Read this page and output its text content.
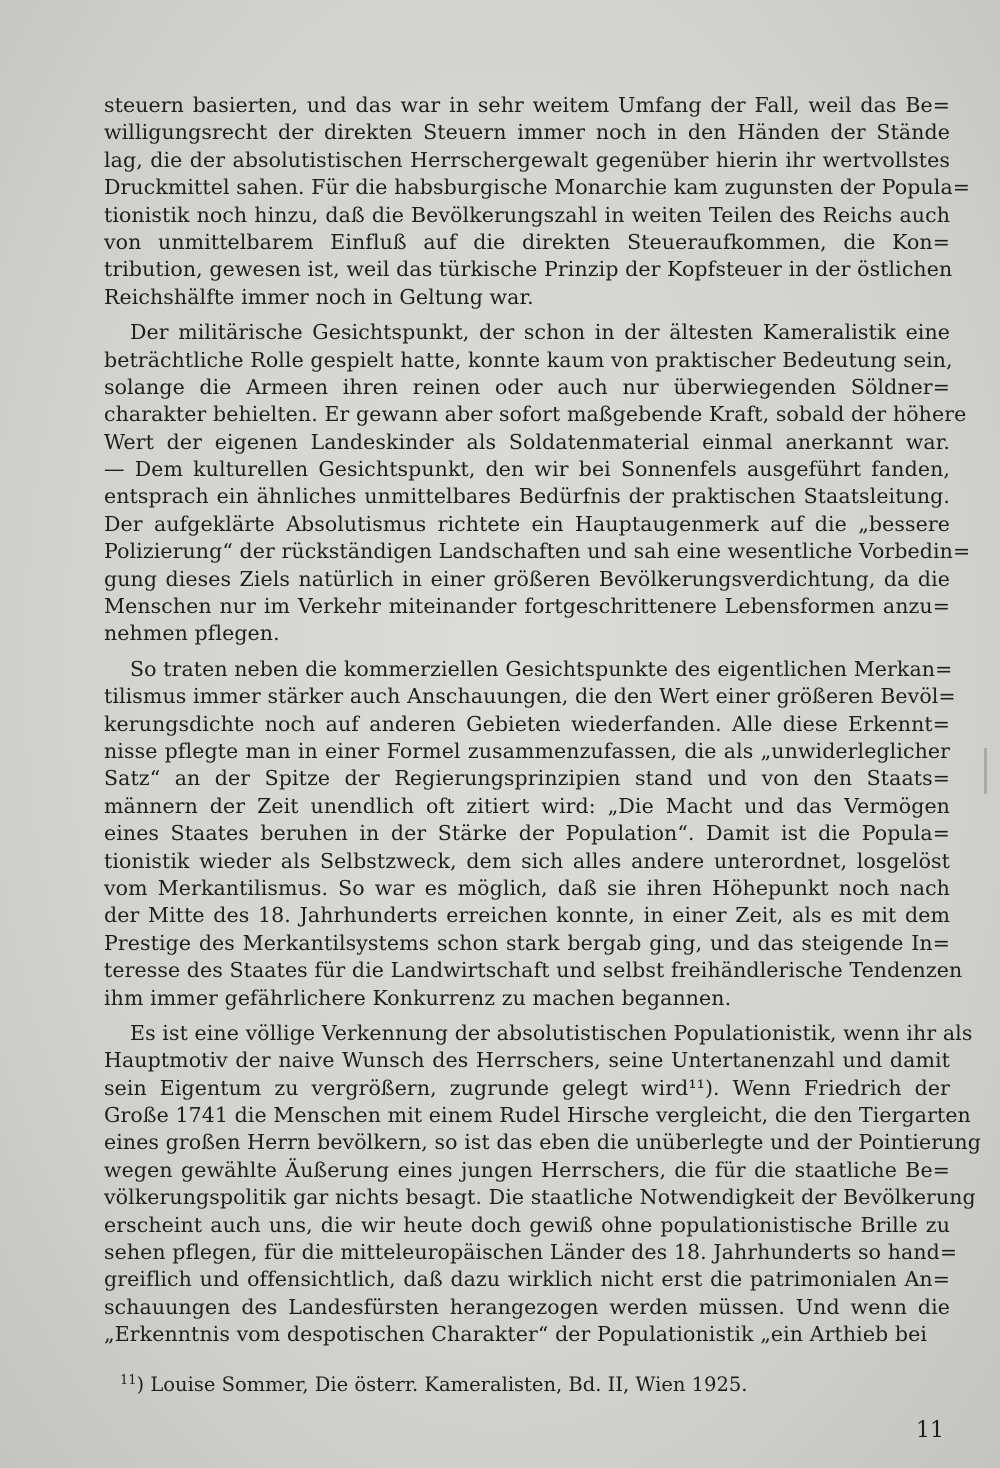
steuern basierten, und das war in sehr weitem Umfang der Fall, weil das Be=
willigungsrecht der direkten Steuern immer noch in den Händen der Stände
lag, die der absolutistischen Herrschergewalt gegenüber hierin ihr wertvollstes
Druckmittel sahen. Für die habsburgische Monarchie kam zugunsten der Popula=
tionistik noch hinzu, daß die Bevölkerungszahl in weiten Teilen des Reichs auch
von unmittelbarem Einfluß auf die direkten Steueraufkommen, die Kon=
tribution, gewesen ist, weil das türkische Prinzip der Kopfsteuer in der östlichen
Reichshälfte immer noch in Geltung war.
Der militärische Gesichtspunkt, der schon in der ältesten Kameralistik eine
beträchtliche Rolle gespielt hatte, konnte kaum von praktischer Bedeutung sein,
solange die Armeen ihren reinen oder auch nur überwiegenden Söldner=
charakter behielten. Er gewann aber sofort maßgebende Kraft, sobald der höhere
Wert der eigenen Landeskinder als Soldatenmaterial einmal anerkannt war.
— Dem kulturellen Gesichtspunkt, den wir bei Sonnenfels ausgeführt fanden,
entsprach ein ähnliches unmittelbares Bedürfnis der praktischen Staatsleitung.
Der aufgeklärte Absolutismus richtete ein Hauptaugenmerk auf die „bessere
Polizierung“ der rückständigen Landschaften und sah eine wesentliche Vorbedin=
gung dieses Ziels natürlich in einer größeren Bevölkerungsverdichtung, da die
Menschen nur im Verkehr miteinander fortgeschrittenere Lebensformen anzu=
nehmen pflegen.
So traten neben die kommerziellen Gesichtspunkte des eigentlichen Merkan=
tilismus immer stärker auch Anschauungen, die den Wert einer größeren Bevöl=
kerungsdichte noch auf anderen Gebieten wiederfanden. Alle diese Erkennt=
nisse pflegte man in einer Formel zusammenzufassen, die als „unwiderleglicher
Satz“ an der Spitze der Regierungsprinzipien stand und von den Staats=
männern der Zeit unendlich oft zitiert wird: „Die Macht und das Vermögen
eines Staates beruhen in der Stärke der Population“. Damit ist die Popula=
tionistik wieder als Selbstzweck, dem sich alles andere unterordnet, losgelöst
vom Merkantilismus. So war es möglich, daß sie ihren Höhepunkt noch nach
der Mitte des 18. Jahrhunderts erreichen konnte, in einer Zeit, als es mit dem
Prestige des Merkantilsystems schon stark bergab ging, und das steigende In=
teresse des Staates für die Landwirtschaft und selbst freihändlerische Tendenzen
ihm immer gefährlichere Konkurrenz zu machen begannen.
Es ist eine völlige Verkennung der absolutistischen Populationistik, wenn ihr als
Hauptmotiv der naive Wunsch des Herrschers, seine Untertanenzahl und damit
sein Eigentum zu vergrößern, zugrunde gelegt wird¹¹). Wenn Friedrich der
Große 1741 die Menschen mit einem Rudel Hirsche vergleicht, die den Tiergarten
eines großen Herrn bevölkern, so ist das eben die unüberlegte und der Pointierung
wegen gewählte Äußerung eines jungen Herrschers, die für die staatliche Be=
völkerungspolitik gar nichts besagt. Die staatliche Notwendigkeit der Bevölkerung
erscheint auch uns, die wir heute doch gewiß ohne populationistische Brille zu
sehen pflegen, für die mitteleuropäischen Länder des 18. Jahrhunderts so hand=
greiflich und offensichtlich, daß dazu wirklich nicht erst die patrimonialen An=
schauungen des Landesfürsten herangezogen werden müssen. Und wenn die
„Erkenntnis vom despotischen Charakter“ der Populationistik „ein Arthieb bei
$^{11}$) Louise Sommer, Die österr. Kameralisten, Bd. II, Wien 1925.
11
